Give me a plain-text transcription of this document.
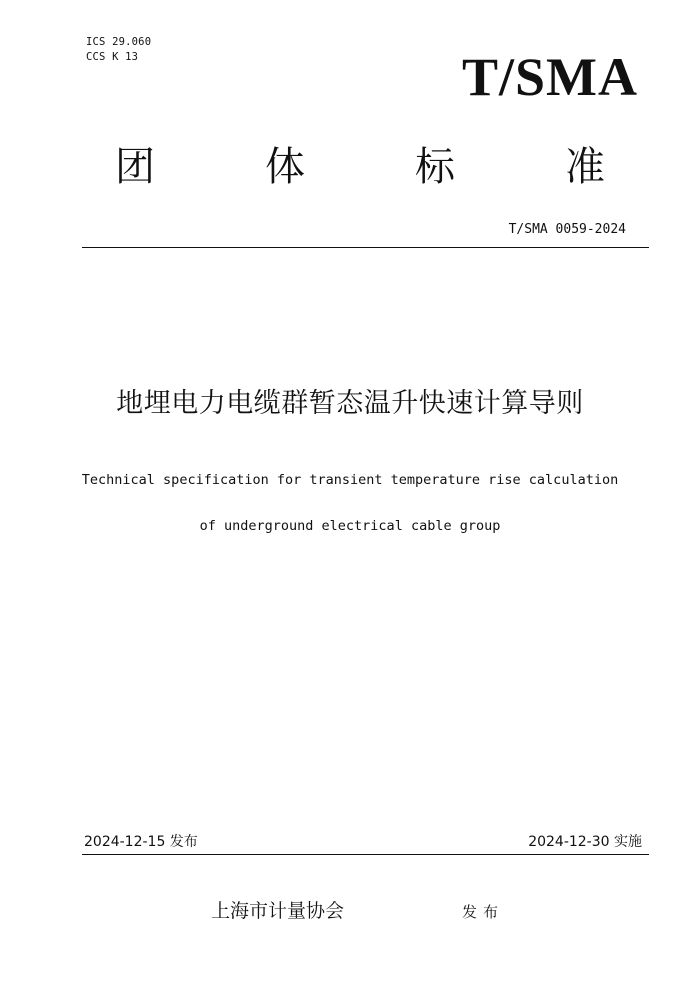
ICS 29.060
CCS K 13	T/SMA
团	体	标	准
T/SMA 0059-2024
地埋电力电缆群暂态温升快速计算导则

Technical specification for transient temperature rise calculation

of underground electrical cable group

2024-12-15 发布	2024-12-30 实施
上海市计量协会	发布
